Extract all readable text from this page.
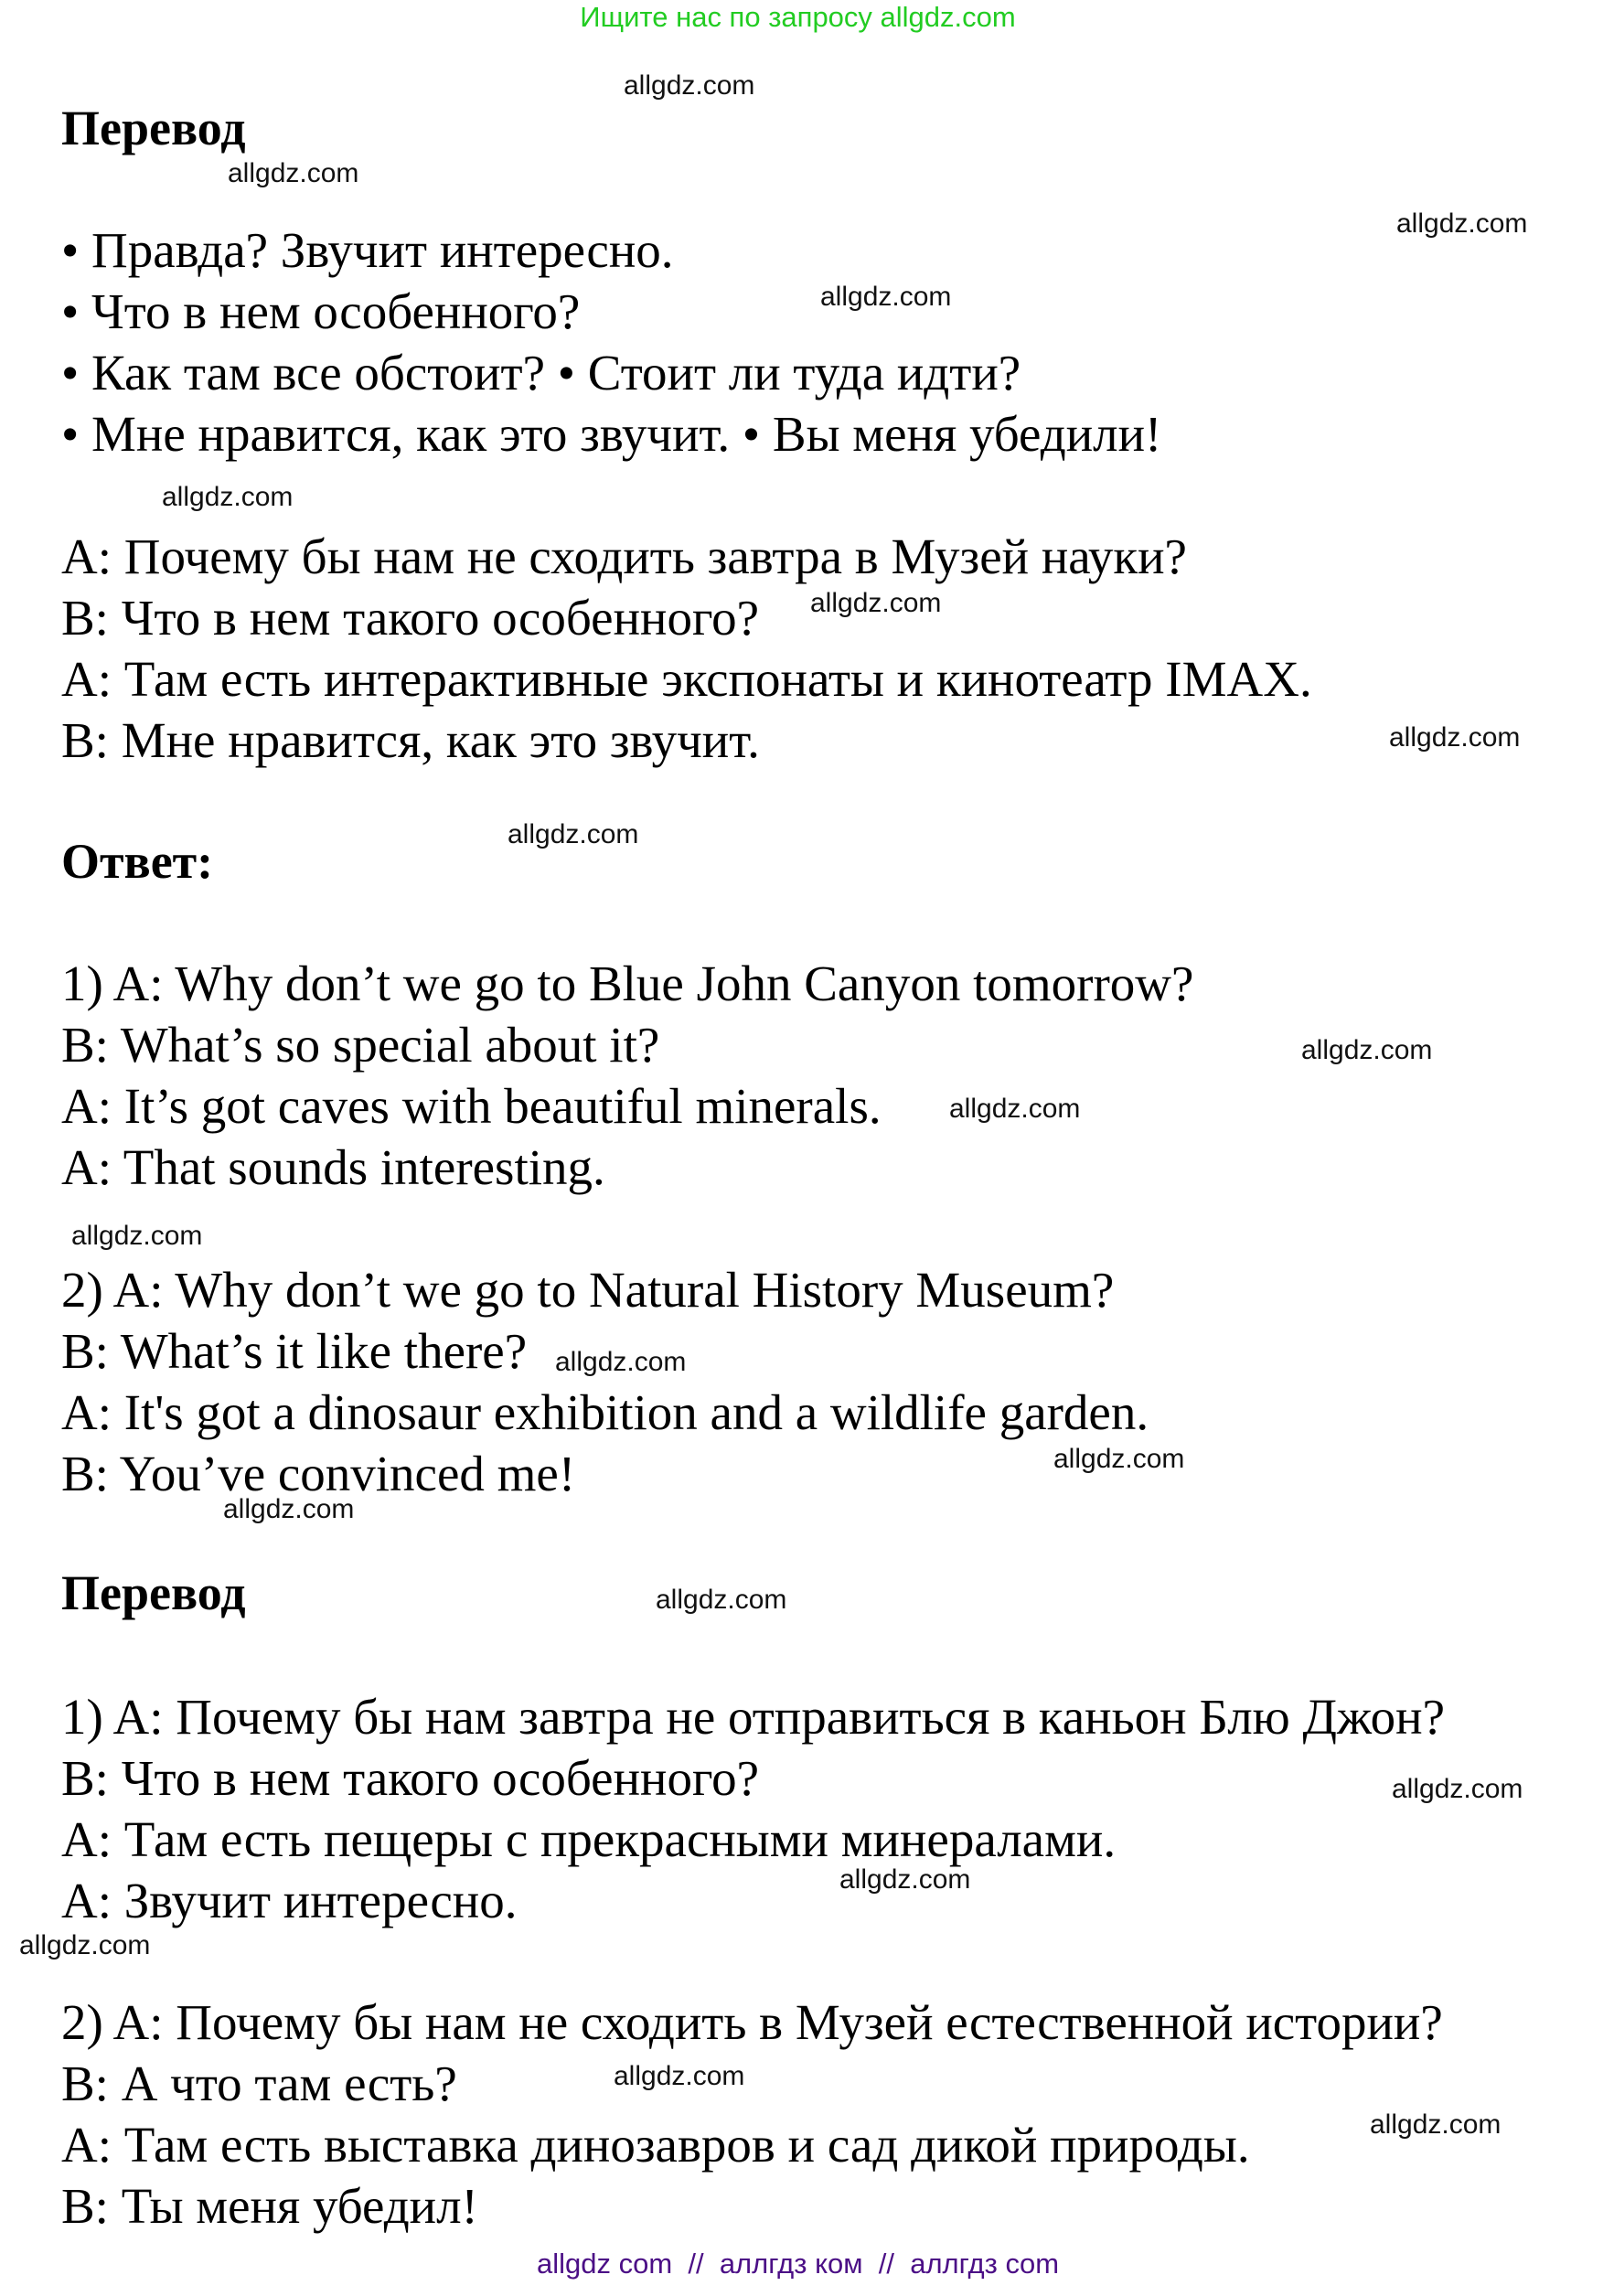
Ищите нас по запросу allgdz.com
Перевод
• Правда? Звучит интересно.
• Что в нем особенного?
• Как там все обстоит? • Стоит ли туда идти?
• Мне нравится, как это звучит. • Вы меня убедили!
A: Почему бы нам не сходить завтра в Музей науки?
B: Что в нем такого особенного?
A: Там есть интерактивные экспонаты и кинотеатр IMAX.
B: Мне нравится, как это звучит.
Ответ:
1) A: Why don’t we go to Blue John Canyon tomorrow?
B: What’s so special about it?
A: It’s got caves with beautiful minerals.
A: That sounds interesting.
2) A: Why don’t we go to Natural History Museum?
B: What’s it like there?
A: It's got a dinosaur exhibition and a wildlife garden.
B: You’ve convinced me!
Перевод
1) A: Почему бы нам завтра не отправиться в каньон Блю Джон?
B: Что в нем такого особенного?
A: Там есть пещеры с прекрасными минералами.
A: Звучит интересно.
2) A: Почему бы нам не сходить в Музей естественной истории?
B: А что там есть?
A: Там есть выставка динозавров и сад дикой природы.
B: Ты меня убедил!
allgdz.com
allgdz.com
allgdz.com
allgdz.com
allgdz.com
allgdz.com
allgdz.com
allgdz.com
allgdz.com
allgdz.com
allgdz.com
allgdz.com
allgdz.com
allgdz.com
allgdz.com
allgdz.com
allgdz.com
allgdz.com
allgdz.com
allgdz.com
allgdz com  //  аллгдз ком  //  аллгдз com
